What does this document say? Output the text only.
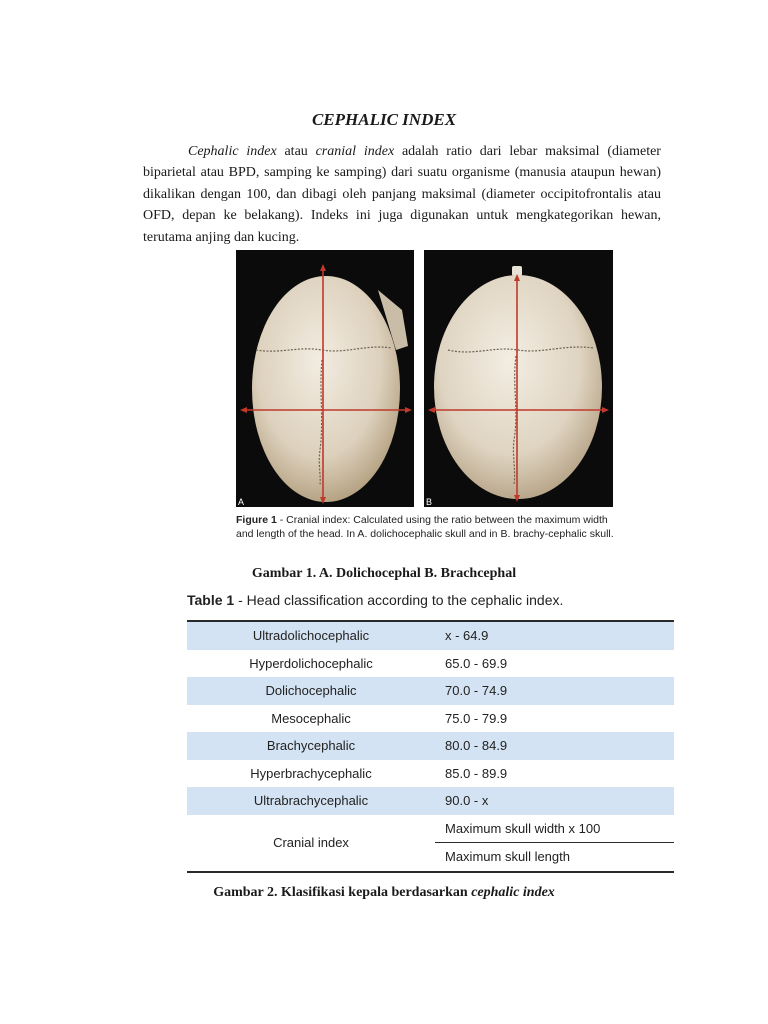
CEPHALIC INDEX

Cephalic index atau cranial index adalah ratio dari lebar maksimal (diameter biparietal atau BPD, samping ke samping) dari suatu organisme (manusia ataupun hewan) dikalikan dengan 100, dan dibagi oleh panjang maksimal (diameter occipitofrontalis atau OFD, depan ke belakang). Indeks ini juga digunakan untuk mengkategorikan hewan, terutama anjing dan kucing.

A	B

Figure 1 - Cranial index: Calculated using the ratio between the maximum width and length of the head. In A. dolichocephalic skull and in B. brachy-cephalic skull.

Gambar 1. A. Dolichocephal B. Brachcephal

Table 1 - Head classification according to the cephalic index.

Ultradolichocephalic	x - 64.9
Hyperdolichocephalic	65.0 - 69.9
Dolichocephalic	70.0 - 74.9
Mesocephalic	75.0 - 79.9
Brachycephalic	80.0 - 84.9
Hyperbrachycephalic	85.0 - 89.9
Ultrabrachycephalic	90.0 - x
Cranial index	Maximum skull width x 100
	Maximum skull length

Gambar 2. Klasifikasi kepala berdasarkan cephalic index
